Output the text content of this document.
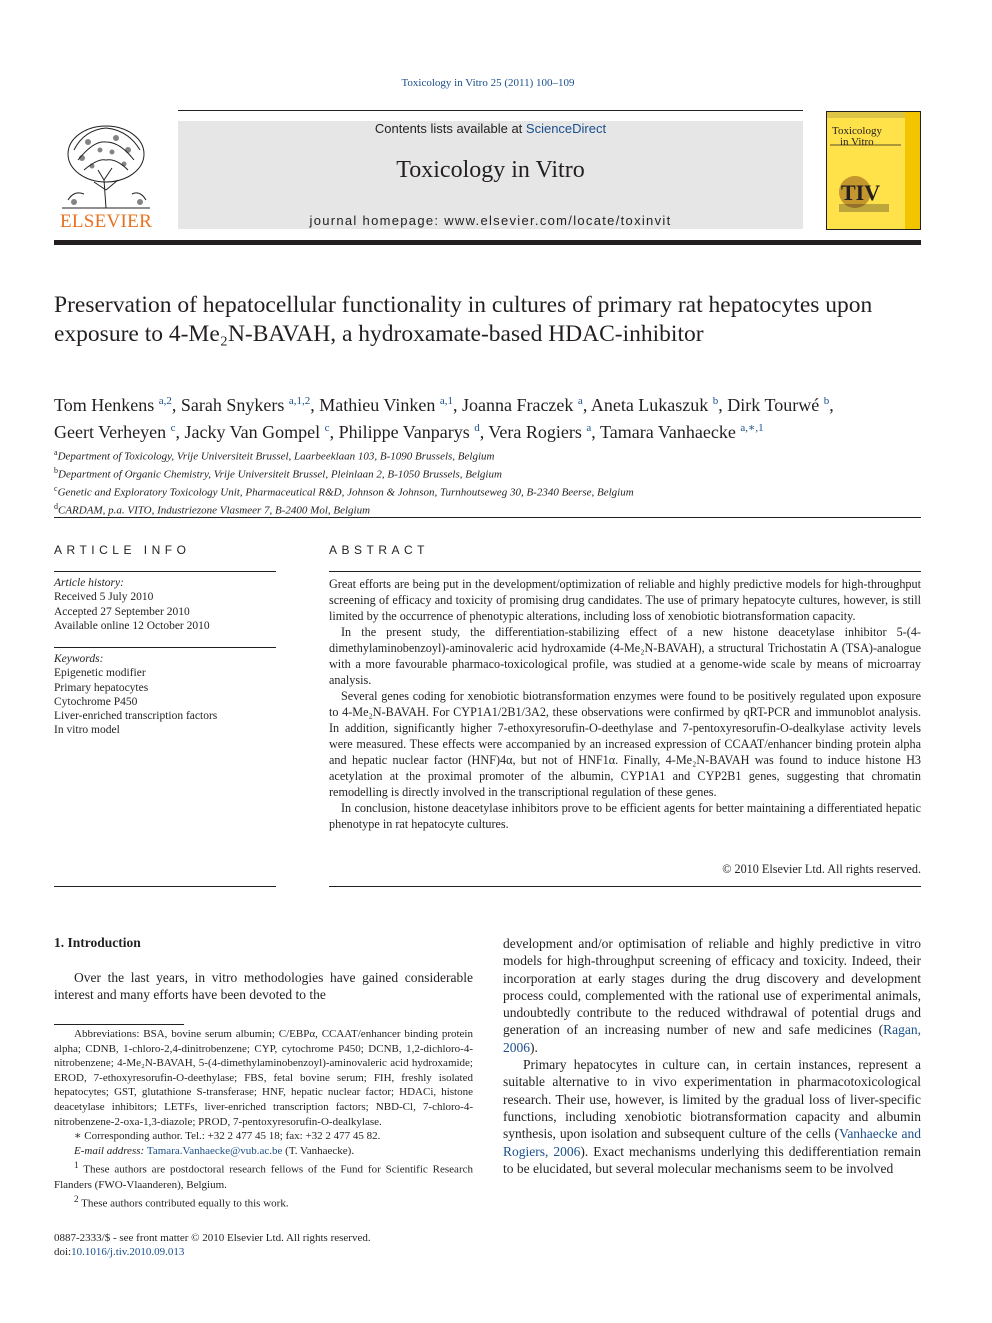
Toxicology in Vitro 25 (2011) 100–109
ELSEVIER
Contents lists available at ScienceDirect
Toxicology in Vitro
journal homepage: www.elsevier.com/locate/toxinvit
Toxicology
in Vitro
TIV
Preservation of hepatocellular functionality in cultures of primary rat hepatocytes upon exposure to 4-Me₂N-BAVAH, a hydroxamate-based HDAC-inhibitor
Tom Henkens $^{a,2}$, Sarah Snykers $^{a,1,2}$, Mathieu Vinken $^{a,1}$, Joanna Fraczek $^a$, Aneta Lukaszuk $^b$, Dirk Tourwé $^b$,
Geert Verheyen $^c$, Jacky Van Gompel $^c$, Philippe Vanparys $^d$, Vera Rogiers $^a$, Tamara Vanhaecke $^{a,∗,1}$
$^a$Department of Toxicology, Vrije Universiteit Brussel, Laarbeeklaan 103, B-1090 Brussels, Belgium
$^b$Department of Organic Chemistry, Vrije Universiteit Brussel, Pleinlaan 2, B-1050 Brussels, Belgium
$^c$Genetic and Exploratory Toxicology Unit, Pharmaceutical R&D, Johnson & Johnson, Turnhoutseweg 30, B-2340 Beerse, Belgium
$^d$CARDAM, p.a. VITO, Industriezone Vlasmeer 7, B-2400 Mol, Belgium
ARTICLE INFO
Article history:
Received 5 July 2010
Accepted 27 September 2010
Available online 12 October 2010
Keywords:
Epigenetic modifier
Primary hepatocytes
Cytochrome P450
Liver-enriched transcription factors
In vitro model
ABSTRACT

Great efforts are being put in the development/optimization of reliable and highly predictive models for high-throughput screening of efficacy and toxicity of promising drug candidates. The use of primary hepatocyte cultures, however, is still limited by the occurrence of phenotypic alterations, including loss of xenobiotic biotransformation capacity.

In the present study, the differentiation-stabilizing effect of a new histone deacetylase inhibitor 5-(4-dimethylaminobenzoyl)-aminovaleric acid hydroxamide (4-Me₂N-BAVAH), a structural Trichostatin A (TSA)-analogue with a more favourable pharmaco-toxicological profile, was studied at a genome-wide scale by means of microarray analysis.

Several genes coding for xenobiotic biotransformation enzymes were found to be positively regulated upon exposure to 4-Me₂N-BAVAH. For CYP1A1/2B1/3A2, these observations were confirmed by qRT-PCR and immunoblot analysis. In addition, significantly higher 7-ethoxyresorufin-O-deethylase and 7-pentoxyresorufin-O-dealkylase activity levels were measured. These effects were accompanied by an increased expression of CCAAT/enhancer binding protein alpha and hepatic nuclear factor (HNF)4α, but not of HNF1α. Finally, 4-Me₂N-BAVAH was found to induce histone H3 acetylation at the proximal promoter of the albumin, CYP1A1 and CYP2B1 genes, suggesting that chromatin remodelling is directly involved in the transcriptional regulation of these genes.

In conclusion, histone deacetylase inhibitors prove to be efficient agents for better maintaining a differentiated hepatic phenotype in rat hepatocyte cultures.

© 2010 Elsevier Ltd. All rights reserved.
1. Introduction

Over the last years, in vitro methodologies have gained considerable interest and many efforts have been devoted to the

Abbreviations: BSA, bovine serum albumin; C/EBPα, CCAAT/enhancer binding protein alpha; CDNB, 1-chloro-2,4-dinitrobenzene; CYP, cytochrome P450; DCNB, 1,2-dichloro-4-nitrobenzene; 4-Me₂N-BAVAH, 5-(4-dimethylaminobenzoyl)-aminovaleric acid hydroxamide; EROD, 7-ethoxyresorufin-O-deethylase; FBS, fetal bovine serum; FIH, freshly isolated hepatocytes; GST, glutathione S-transferase; HNF, hepatic nuclear factor; HDACi, histone deacetylase inhibitors; LETFs, liver-enriched transcription factors; NBD-Cl, 7-chloro-4-nitrobenzene-2-oxa-1,3-diazole; PROD, 7-pentoxyresorufin-O-dealkylase.

∗ Corresponding author. Tel.: +32 2 477 45 18; fax: +32 2 477 45 82.

E-mail address: Tamara.Vanhaecke@vub.ac.be (T. Vanhaecke).

$^1$ These authors are postdoctoral research fellows of the Fund for Scientific Research Flanders (FWO-Vlaanderen), Belgium.

$^2$ These authors contributed equally to this work.

0887-2333/$ - see front matter © 2010 Elsevier Ltd. All rights reserved.
doi:10.1016/j.tiv.2010.09.013

development and/or optimisation of reliable and highly predictive in vitro models for high-throughput screening of efficacy and toxicity. Indeed, their incorporation at early stages during the drug discovery and development process could, complemented with the rational use of experimental animals, undoubtedly contribute to the reduced withdrawal of potential drugs and generation of an increasing number of new and safe medicines (Ragan, 2006).

Primary hepatocytes in culture can, in certain instances, represent a suitable alternative to in vivo experimentation in pharmacotoxicological research. Their use, however, is limited by the gradual loss of liver-specific functions, including xenobiotic biotransformation capacity and albumin synthesis, upon isolation and subsequent culture of the cells (Vanhaecke and Rogiers, 2006). Exact mechanisms underlying this dedifferentiation remain to be elucidated, but several molecular mechanisms seem to be involved
